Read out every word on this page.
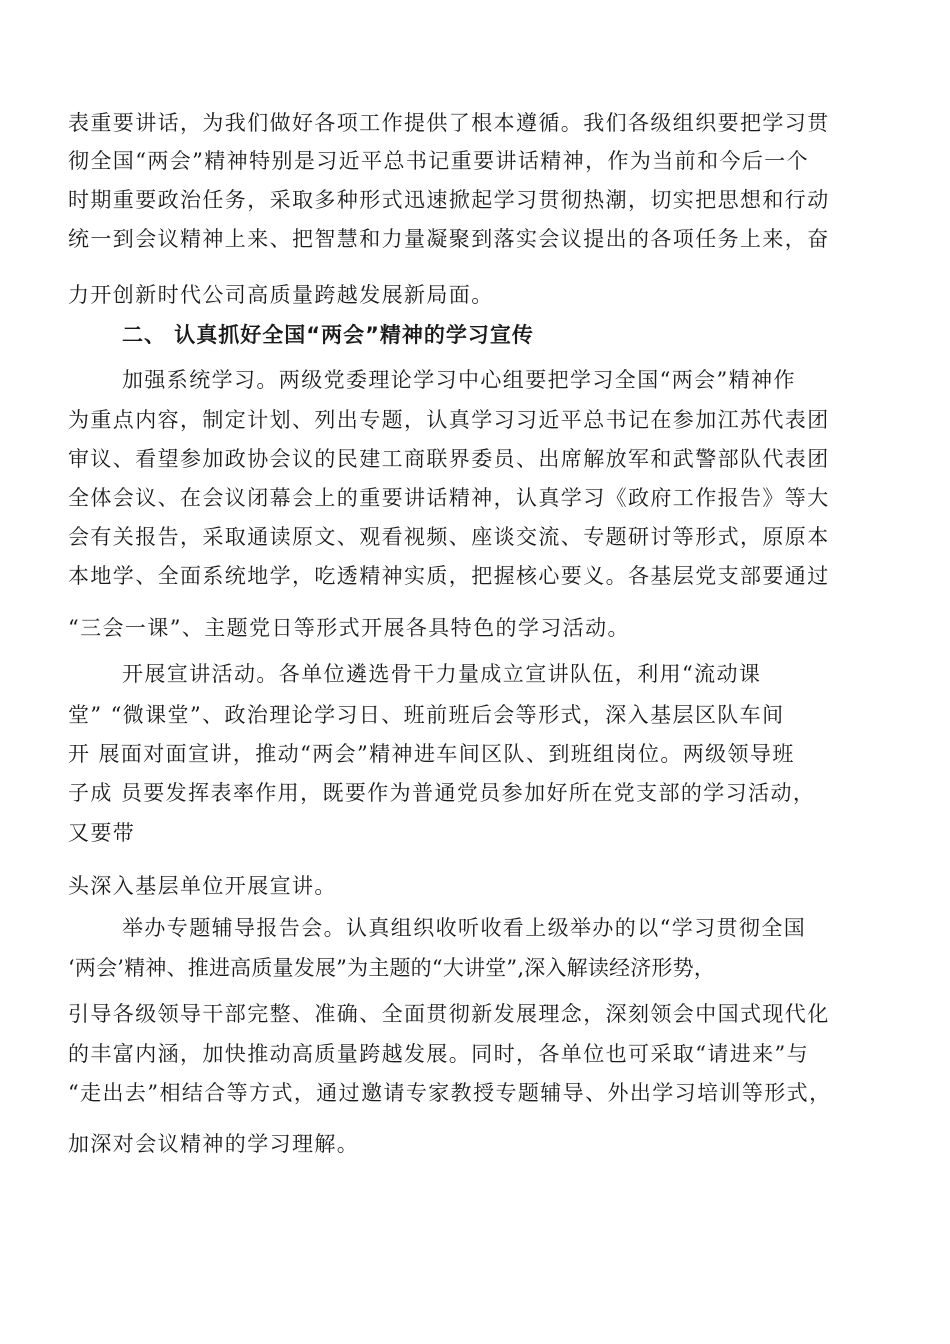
表重要讲话，为我们做好各项工作提供了根本遵循。我们各级组织要把学习贯
彻全国“两会”精神特别是习近平总书记重要讲话精神，作为当前和今后一个
时期重要政治任务，采取多种形式迅速掀起学习贯彻热潮，切实把思想和行动
统一到会议精神上来、把智慧和力量凝聚到落实会议提出的各项任务上来，奋
力开创新时代公司高质量跨越发展新局面。
二、 认真抓好全国“两会”精神的学习宣传
加强系统学习。两级党委理论学习中心组要把学习全国“两会”精神作
为重点内容，制定计划、列出专题，认真学习习近平总书记在参加江苏代表团
审议、看望参加政协会议的民建工商联界委员、出席解放军和武警部队代表团
全体会议、在会议闭幕会上的重要讲话精神，认真学习《政府工作报告》等大
会有关报告，采取通读原文、观看视频、座谈交流、专题研讨等形式，原原本
本地学、全面系统地学，吃透精神实质，把握核心要义。各基层党支部要通过
“三会一课”、主题党日等形式开展各具特色的学习活动。
开展宣讲活动。各单位遴选骨干力量成立宣讲队伍，利用“流动课
堂” “微课堂”、政治理论学习日、班前班后会等形式，深入基层区队车间
开 展面对面宣讲，推动“两会”精神进车间区队、到班组岗位。两级领导班
子成 员要发挥表率作用，既要作为普通党员参加好所在党支部的学习活动，
又要带
头深入基层单位开展宣讲。
举办专题辅导报告会。认真组织收听收看上级举办的以“学习贯彻全国
‘两会’精神、推进高质量发展”为主题的“大讲堂”,深入解读经济形势，
引导各级领导干部完整、准确、全面贯彻新发展理念，深刻领会中国式现代化
的丰富内涵，加快推动高质量跨越发展。同时，各单位也可采取“请进来”与
“走出去”相结合等方式，通过邀请专家教授专题辅导、外出学习培训等形式，
加深对会议精神的学习理解。
